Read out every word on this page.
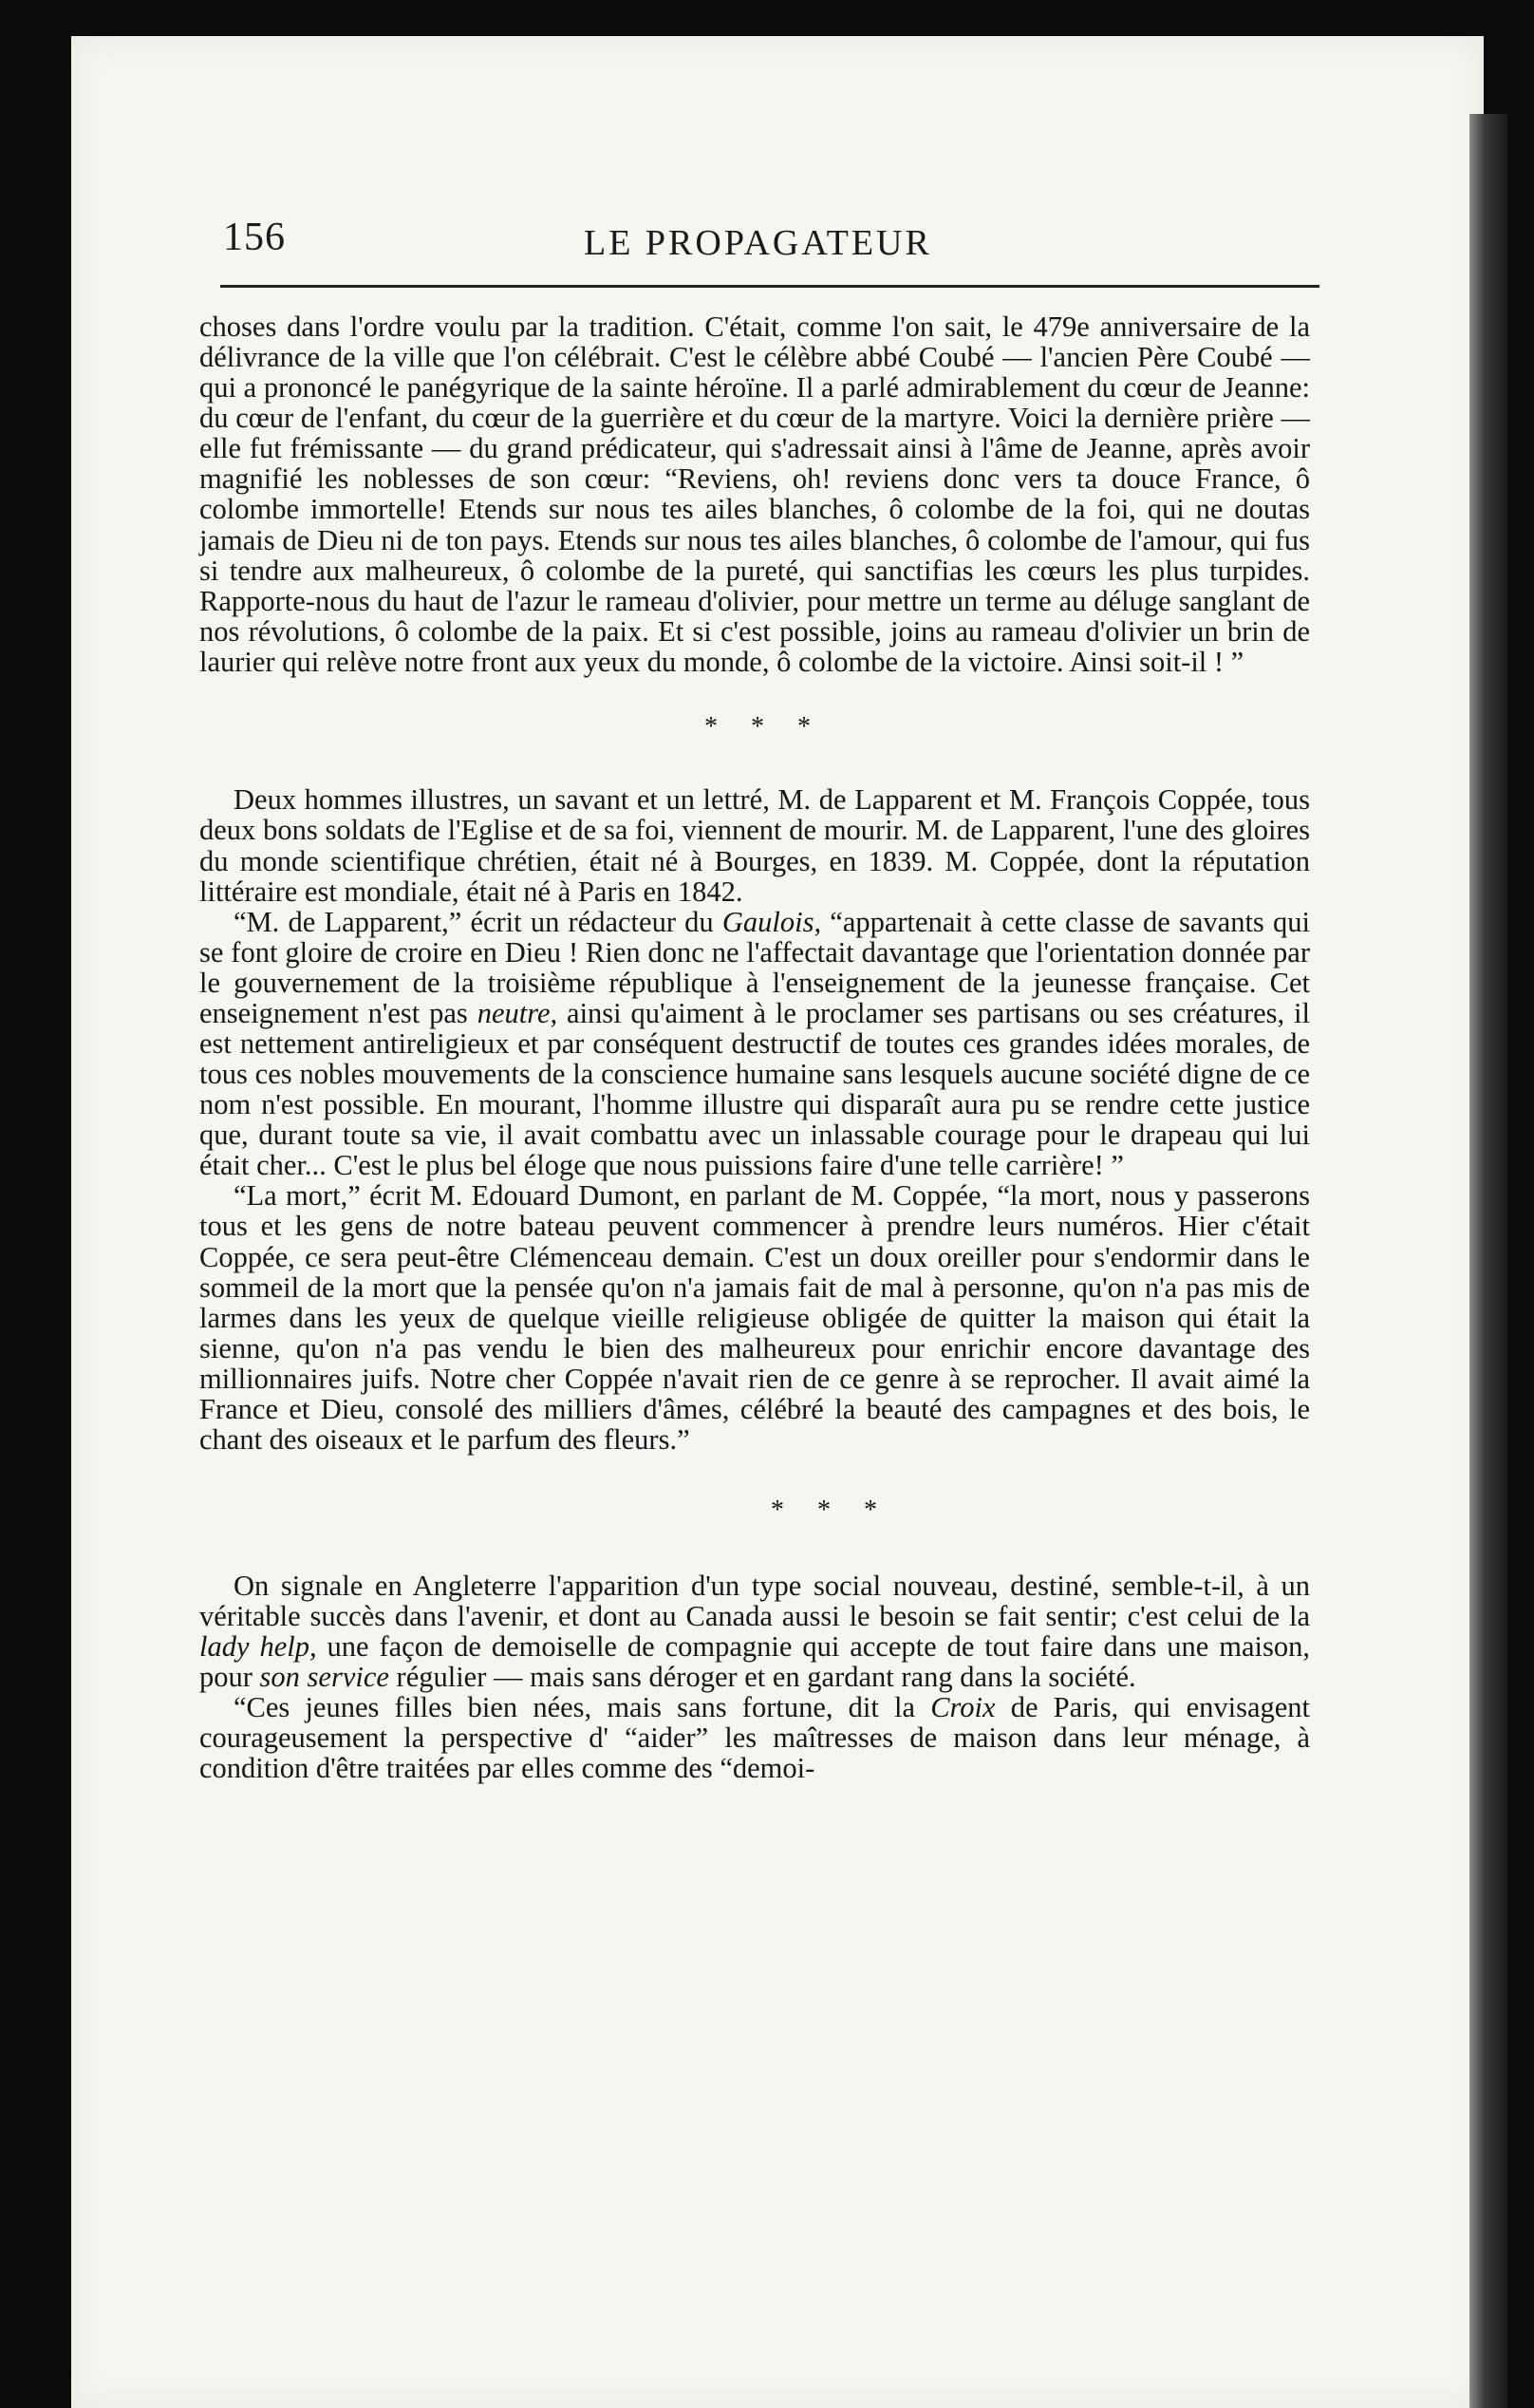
156	LE PROPAGATEUR

choses dans l'ordre voulu par la tradition. C'était, comme l'on sait, le 479e anniversaire de la délivrance de la ville que l'on célébrait. C'est le célèbre abbé Coubé — l'ancien Père Coubé — qui a prononcé le panégyrique de la sainte héroïne. Il a parlé admirablement du cœur de Jeanne: du cœur de l'enfant, du cœur de la guerrière et du cœur de la martyre. Voici la dernière prière — elle fut frémissante — du grand prédicateur, qui s'adressait ainsi à l'âme de Jeanne, après avoir magnifié les noblesses de son cœur: “Reviens, oh! reviens donc vers ta douce France, ô colombe immortelle! Etends sur nous tes ailes blanches, ô colombe de la foi, qui ne doutas jamais de Dieu ni de ton pays. Etends sur nous tes ailes blanches, ô colombe de l'amour, qui fus si tendre aux malheureux, ô colombe de la pureté, qui sanctifias les cœurs les plus turpides. Rapporte-nous du haut de l'azur le rameau d'olivier, pour mettre un terme au déluge sanglant de nos révolutions, ô colombe de la paix. Et si c'est possible, joins au rameau d'olivier un brin de laurier qui relève notre front aux yeux du monde, ô colombe de la victoire. Ainsi soit-il ! ”

* * *

Deux hommes illustres, un savant et un lettré, M. de Lapparent et M. François Coppée, tous deux bons soldats de l'Eglise et de sa foi, viennent de mourir. M. de Lapparent, l'une des gloires du monde scientifique chrétien, était né à Bourges, en 1839. M. Coppée, dont la réputation littéraire est mondiale, était né à Paris en 1842.

“M. de Lapparent,” écrit un rédacteur du Gaulois, “appartenait à cette classe de savants qui se font gloire de croire en Dieu ! Rien donc ne l'affectait davantage que l'orientation donnée par le gouvernement de la troisième république à l'enseignement de la jeunesse française. Cet enseignement n'est pas neutre, ainsi qu'aiment à le proclamer ses partisans ou ses créatures, il est nettement antireligieux et par conséquent destructif de toutes ces grandes idées morales, de tous ces nobles mouvements de la conscience humaine sans lesquels aucune société digne de ce nom n'est possible. En mourant, l'homme illustre qui disparaît aura pu se rendre cette justice que, durant toute sa vie, il avait combattu avec un inlassable courage pour le drapeau qui lui était cher... C'est le plus bel éloge que nous puissions faire d'une telle carrière! ”

“La mort,” écrit M. Edouard Dumont, en parlant de M. Coppée, “la mort, nous y passerons tous et les gens de notre bateau peuvent commencer à prendre leurs numéros. Hier c'était Coppée, ce sera peut-être Clémenceau demain. C'est un doux oreiller pour s'endormir dans le sommeil de la mort que la pensée qu'on n'a jamais fait de mal à personne, qu'on n'a pas mis de larmes dans les yeux de quelque vieille religieuse obligée de quitter la maison qui était la sienne, qu'on n'a pas vendu le bien des malheureux pour enrichir encore davantage des millionnaires juifs. Notre cher Coppée n'avait rien de ce genre à se reprocher. Il avait aimé la France et Dieu, consolé des milliers d'âmes, célébré la beauté des campagnes et des bois, le chant des oiseaux et le parfum des fleurs.”

* * *

On signale en Angleterre l'apparition d'un type social nouveau, destiné, semble-t-il, à un véritable succès dans l'avenir, et dont au Canada aussi le besoin se fait sentir; c'est celui de la lady help, une façon de demoiselle de compagnie qui accepte de tout faire dans une maison, pour son service régulier — mais sans déroger et en gardant rang dans la société.

“Ces jeunes filles bien nées, mais sans fortune, dit la Croix de Paris, qui envisagent courageusement la perspective d' “aider” les maîtresses de maison dans leur ménage, à condition d'être traitées par elles comme des “demoi-
